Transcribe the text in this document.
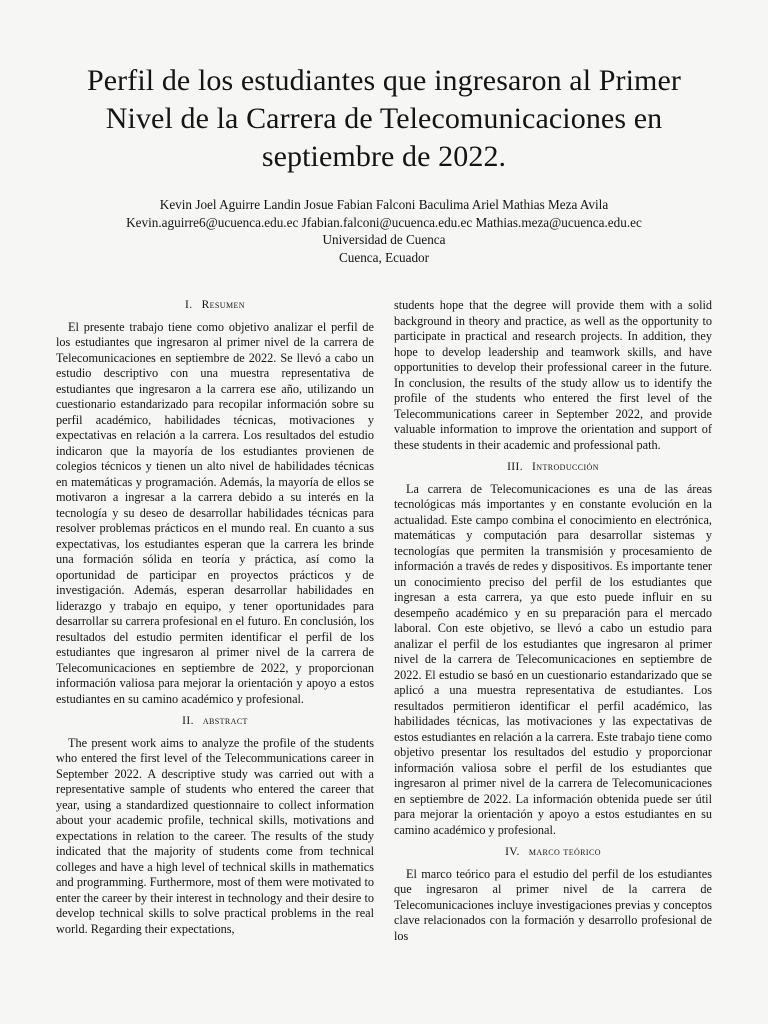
Perfil de los estudiantes que ingresaron al Primer Nivel de la Carrera de Telecomunicaciones en septiembre de 2022.
Kevin Joel Aguirre Landin Josue Fabian Falconi Baculima Ariel Mathias Meza Avila
Kevin.aguirre6@ucuenca.edu.ec Jfabian.falconi@ucuenca.edu.ec Mathias.meza@ucuenca.edu.ec
Universidad de Cuenca
Cuenca, Ecuador
I. Resumen

El presente trabajo tiene como objetivo analizar el perfil de los estudiantes que ingresaron al primer nivel de la carrera de Telecomunicaciones en septiembre de 2022. Se llevó a cabo un estudio descriptivo con una muestra representativa de estudiantes que ingresaron a la carrera ese año, utilizando un cuestionario estandarizado para recopilar información sobre su perfil académico, habilidades técnicas, motivaciones y expectativas en relación a la carrera. Los resultados del estudio indicaron que la mayoría de los estudiantes provienen de colegios técnicos y tienen un alto nivel de habilidades técnicas en matemáticas y programación. Además, la mayoría de ellos se motivaron a ingresar a la carrera debido a su interés en la tecnología y su deseo de desarrollar habilidades técnicas para resolver problemas prácticos en el mundo real. En cuanto a sus expectativas, los estudiantes esperan que la carrera les brinde una formación sólida en teoría y práctica, así como la oportunidad de participar en proyectos prácticos y de investigación. Además, esperan desarrollar habilidades en liderazgo y trabajo en equipo, y tener oportunidades para desarrollar su carrera profesional en el futuro. En conclusión, los resultados del estudio permiten identificar el perfil de los estudiantes que ingresaron al primer nivel de la carrera de Telecomunicaciones en septiembre de 2022, y proporcionan información valiosa para mejorar la orientación y apoyo a estos estudiantes en su camino académico y profesional.

II. abstract

The present work aims to analyze the profile of the students who entered the first level of the Telecommunications career in September 2022. A descriptive study was carried out with a representative sample of students who entered the career that year, using a standardized questionnaire to collect information about your academic profile, technical skills, motivations and expectations in relation to the career. The results of the study indicated that the majority of students come from technical colleges and have a high level of technical skills in mathematics and programming. Furthermore, most of them were motivated to enter the career by their interest in technology and their desire to develop technical skills to solve practical problems in the real world. Regarding their expectations,

students hope that the degree will provide them with a solid background in theory and practice, as well as the opportunity to participate in practical and research projects. In addition, they hope to develop leadership and teamwork skills, and have opportunities to develop their professional career in the future. In conclusion, the results of the study allow us to identify the profile of the students who entered the first level of the Telecommunications career in September 2022, and provide valuable information to improve the orientation and support of these students in their academic and professional path.

III. Introducción

La carrera de Telecomunicaciones es una de las áreas tecnológicas más importantes y en constante evolución en la actualidad. Este campo combina el conocimiento en electrónica, matemáticas y computación para desarrollar sistemas y tecnologías que permiten la transmisión y procesamiento de información a través de redes y dispositivos. Es importante tener un conocimiento preciso del perfil de los estudiantes que ingresan a esta carrera, ya que esto puede influir en su desempeño académico y en su preparación para el mercado laboral. Con este objetivo, se llevó a cabo un estudio para analizar el perfil de los estudiantes que ingresaron al primer nivel de la carrera de Telecomunicaciones en septiembre de 2022. El estudio se basó en un cuestionario estandarizado que se aplicó a una muestra representativa de estudiantes. Los resultados permitieron identificar el perfil académico, las habilidades técnicas, las motivaciones y las expectativas de estos estudiantes en relación a la carrera. Este trabajo tiene como objetivo presentar los resultados del estudio y proporcionar información valiosa sobre el perfil de los estudiantes que ingresaron al primer nivel de la carrera de Telecomunicaciones en septiembre de 2022. La información obtenida puede ser útil para mejorar la orientación y apoyo a estos estudiantes en su camino académico y profesional.

IV. marco teórico

El marco teórico para el estudio del perfil de los estudiantes que ingresaron al primer nivel de la carrera de Telecomunicaciones incluye investigaciones previas y conceptos clave relacionados con la formación y desarrollo profesional de los
